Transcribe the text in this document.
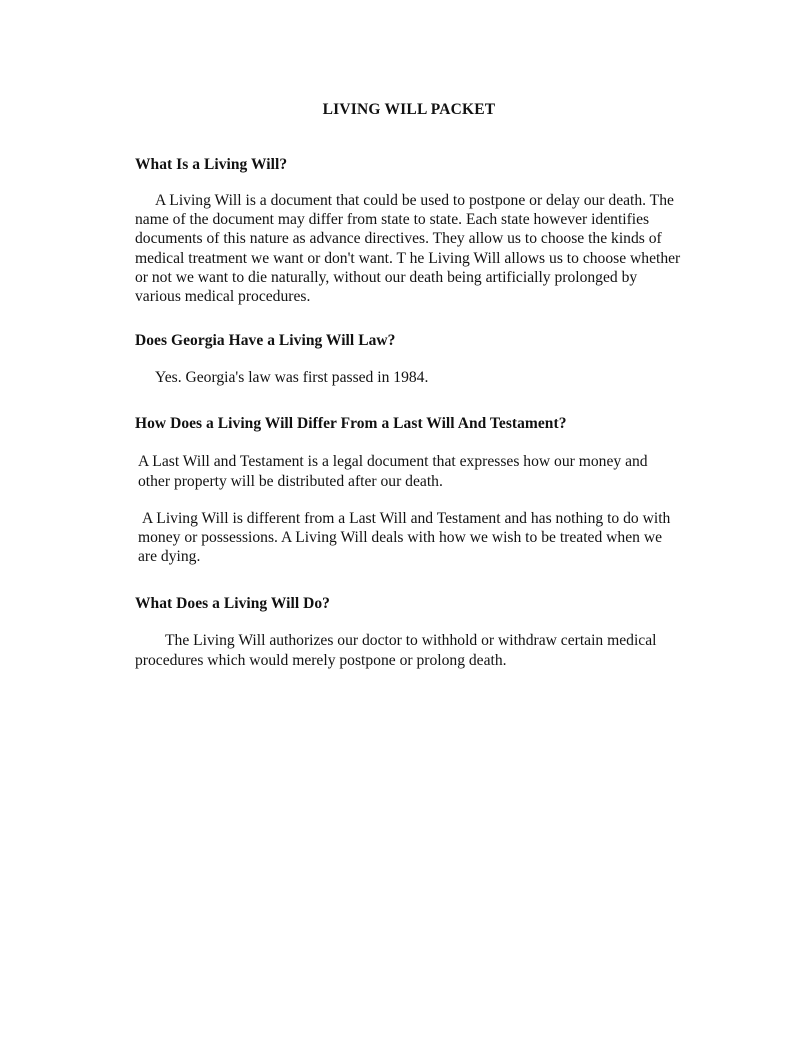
LIVING WILL PACKET
What Is a Living Will?

A Living Will is a document that could be used to postpone or delay our death. The name of the document may differ from state to state. Each state however identifies documents of this nature as advance directives. They allow us to choose the kinds of medical treatment we want or don't want. T he Living Will allows us to choose whether or not we want to die naturally, without our death being artificially prolonged by various medical procedures.

Does Georgia Have a Living Will Law?

Yes. Georgia's law was first passed in 1984.

How Does a Living Will Differ From a Last Will And Testament?

A Last Will and Testament is a legal document that expresses how our money and other property will be distributed after our death.

A Living Will is different from a Last Will and Testament and has nothing to do with money or possessions. A Living Will deals with how we wish to be treated when we are dying.

What Does a Living Will Do?

The Living Will authorizes our doctor to withhold or withdraw certain medical procedures which would merely postpone or prolong death.
